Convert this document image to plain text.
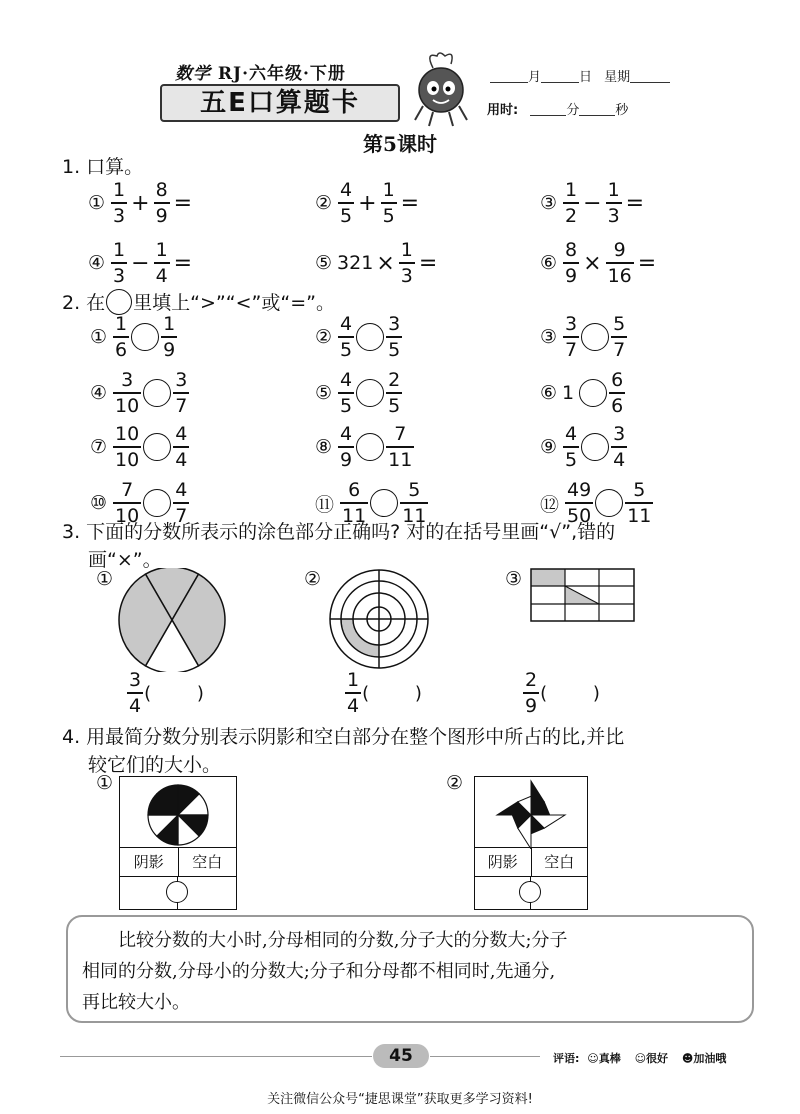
数学 RJ·六年级·下册
五E口算题卡
月	日 星期
用时:	分	秒
第5课时
1. 口算。
① $\frac{1}{3} + \frac{8}{9}$ =	② $\frac{4}{5} + \frac{1}{5}$ =	③ $\frac{1}{2} - \frac{1}{3}$ =
④ $\frac{1}{3} - \frac{1}{4}$ =	⑤ $321 \times \frac{1}{3}$ =	⑥ $\frac{8}{9} \times \frac{9}{16}$ =
2. 在 里填上“>”“<”或“=”。
① $\frac{1}{6} \frac{1}{9}$	② $\frac{4}{5} \frac{3}{5}$	③ $\frac{3}{7} \frac{5}{7}$
④ $\frac{3}{10} \frac{3}{7}$	⑤ $\frac{4}{5} \frac{2}{5}$	⑥ $1 \frac{6}{6}$
⑦ $\frac{10}{10} \frac{4}{4}$	⑧ $\frac{4}{9} \frac{7}{11}$	⑨ $\frac{4}{5} \frac{3}{4}$
⑩ $\frac{7}{10} \frac{4}{7}$	⑪ $\frac{6}{11} \frac{5}{11}$	⑫ $\frac{49}{50} \frac{5}{11}$
3. 下面的分数所表示的涂色部分正确吗? 对的在括号里画“√”,错的
画“×”。
①	②	③
$\frac{3}{4}$ (        )	$\frac{1}{4}$ (        )	$\frac{2}{9}$ (        )
4. 用最简分数分别表示阴影和空白部分在整个图形中所占的比,并比
较它们的大小。
①
阴影	空白
②
阴影	空白
比较分数的大小时,分母相同的分数,分子大的分数大;分子
相同的分数,分母小的分数大;分子和分母都不相同时,先通分,
再比较大小。
45	评语: ☺真棒 ☺很好 ☻加油哦
关注微信公众号“捷思课堂”获取更多学习资料!
